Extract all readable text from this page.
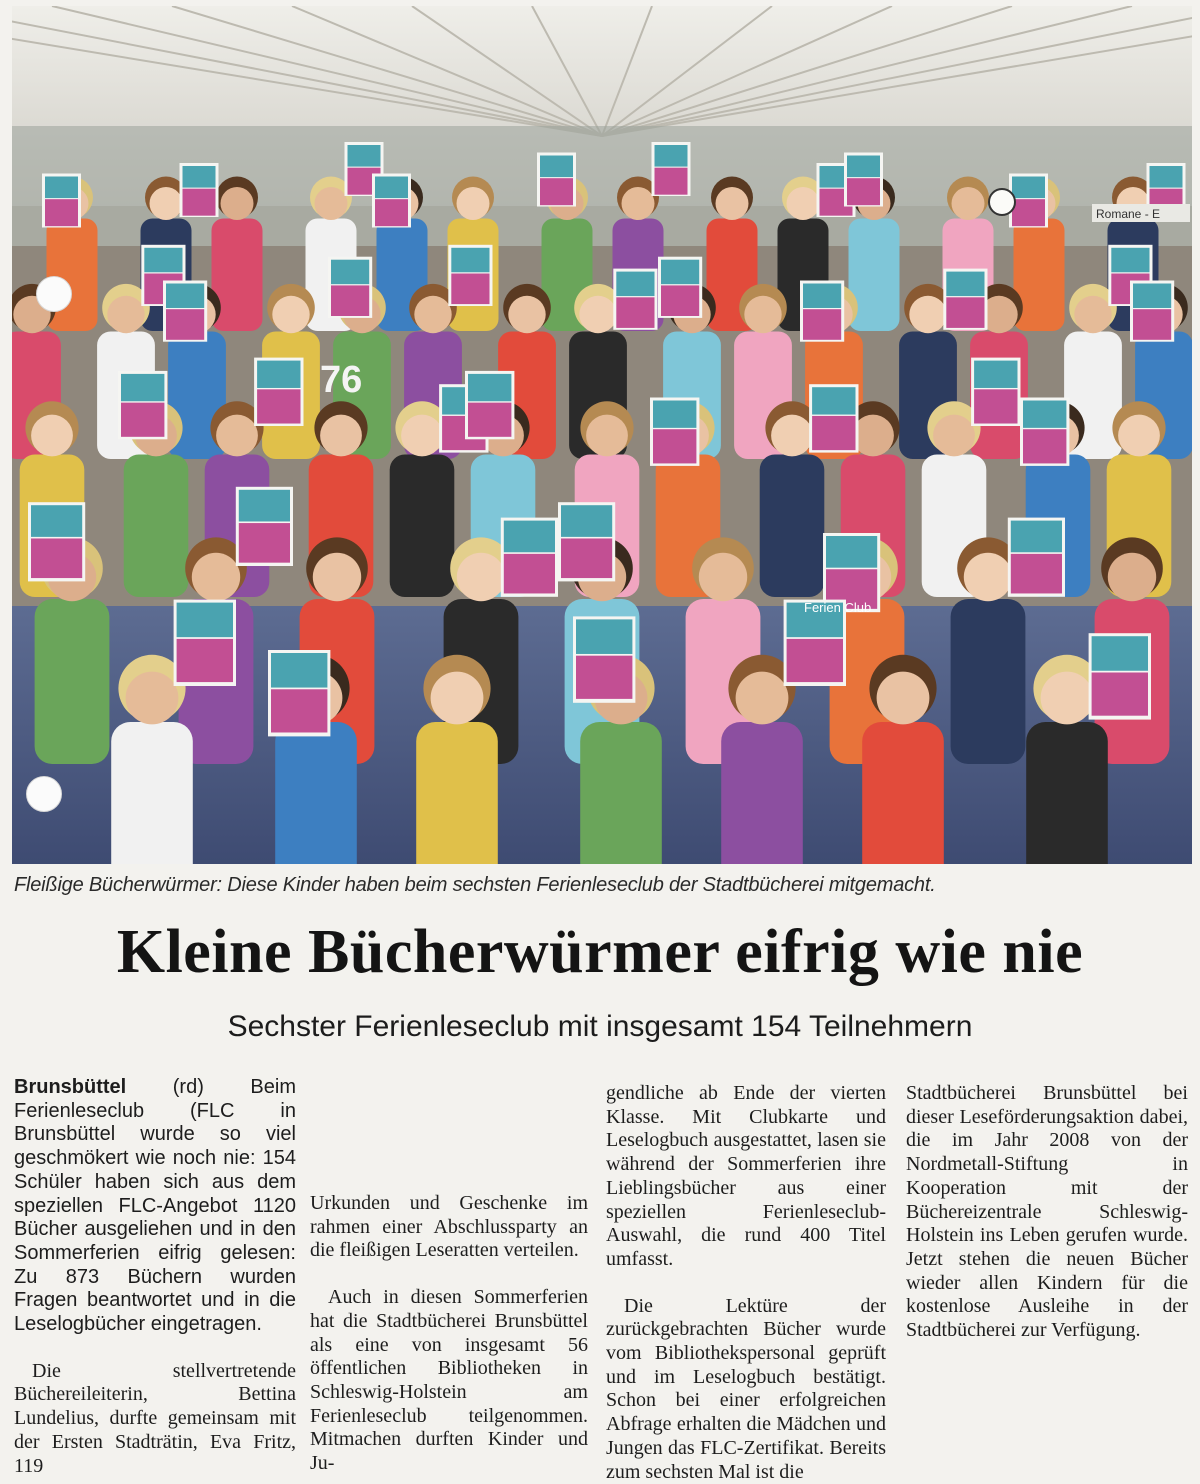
Ferien Club
Romane - E
76
Fleißige Bücherwürmer: Diese Kinder haben beim sechsten Ferienleseclub der Stadtbücherei mitgemacht.
Kleine Bücherwürmer eifrig wie nie
Sechster Ferienleseclub mit insgesamt 154 Teilnehmern

Brunsbüttel (rd) Beim Ferienleseclub (FLC in Brunsbüttel wurde so viel geschmökert wie noch nie: 154 Schüler haben sich aus dem speziellen FLC-Angebot 1120 Bücher ausgeliehen und in den Sommerferien eifrig gelesen: Zu 873 Büchern wurden Fragen beantwortet und in die Leselogbücher eingetragen.

Die stellvertretende Büchereileiterin, Bettina Lundelius, durfte gemeinsam mit der Ersten Stadträtin, Eva Fritz, 119

Urkunden und Geschenke im rahmen einer Abschlussparty an die fleißigen Leseratten verteilen.

Auch in diesen Sommerferien hat die Stadtbücherei Brunsbüttel als eine von insgesamt 56 öffentlichen Bibliotheken in Schleswig-Holstein am Ferienleseclub teilgenommen. Mitmachen durften Kinder und Ju-

gendliche ab Ende der vierten Klasse. Mit Clubkarte und Leselogbuch ausgestattet, lasen sie während der Sommerferien ihre Lieblingsbücher aus einer speziellen Ferienleseclub-Auswahl, die rund 400 Titel umfasst.

Die Lektüre der zurückgebrachten Bücher wurde vom Bibliothekspersonal geprüft und im Leselogbuch bestätigt. Schon bei einer erfolgreichen Abfrage erhalten die Mädchen und Jungen das FLC-Zertifikat. Bereits zum sechsten Mal ist die

Stadtbücherei Brunsbüttel bei dieser Leseförderungsaktion dabei, die im Jahr 2008 von der Nordmetall-Stiftung in Kooperation mit der Büchereizentrale Schleswig-Holstein ins Leben gerufen wurde. Jetzt stehen die neuen Bücher wieder allen Kindern für die kostenlose Ausleihe in der Stadtbücherei zur Verfügung.
